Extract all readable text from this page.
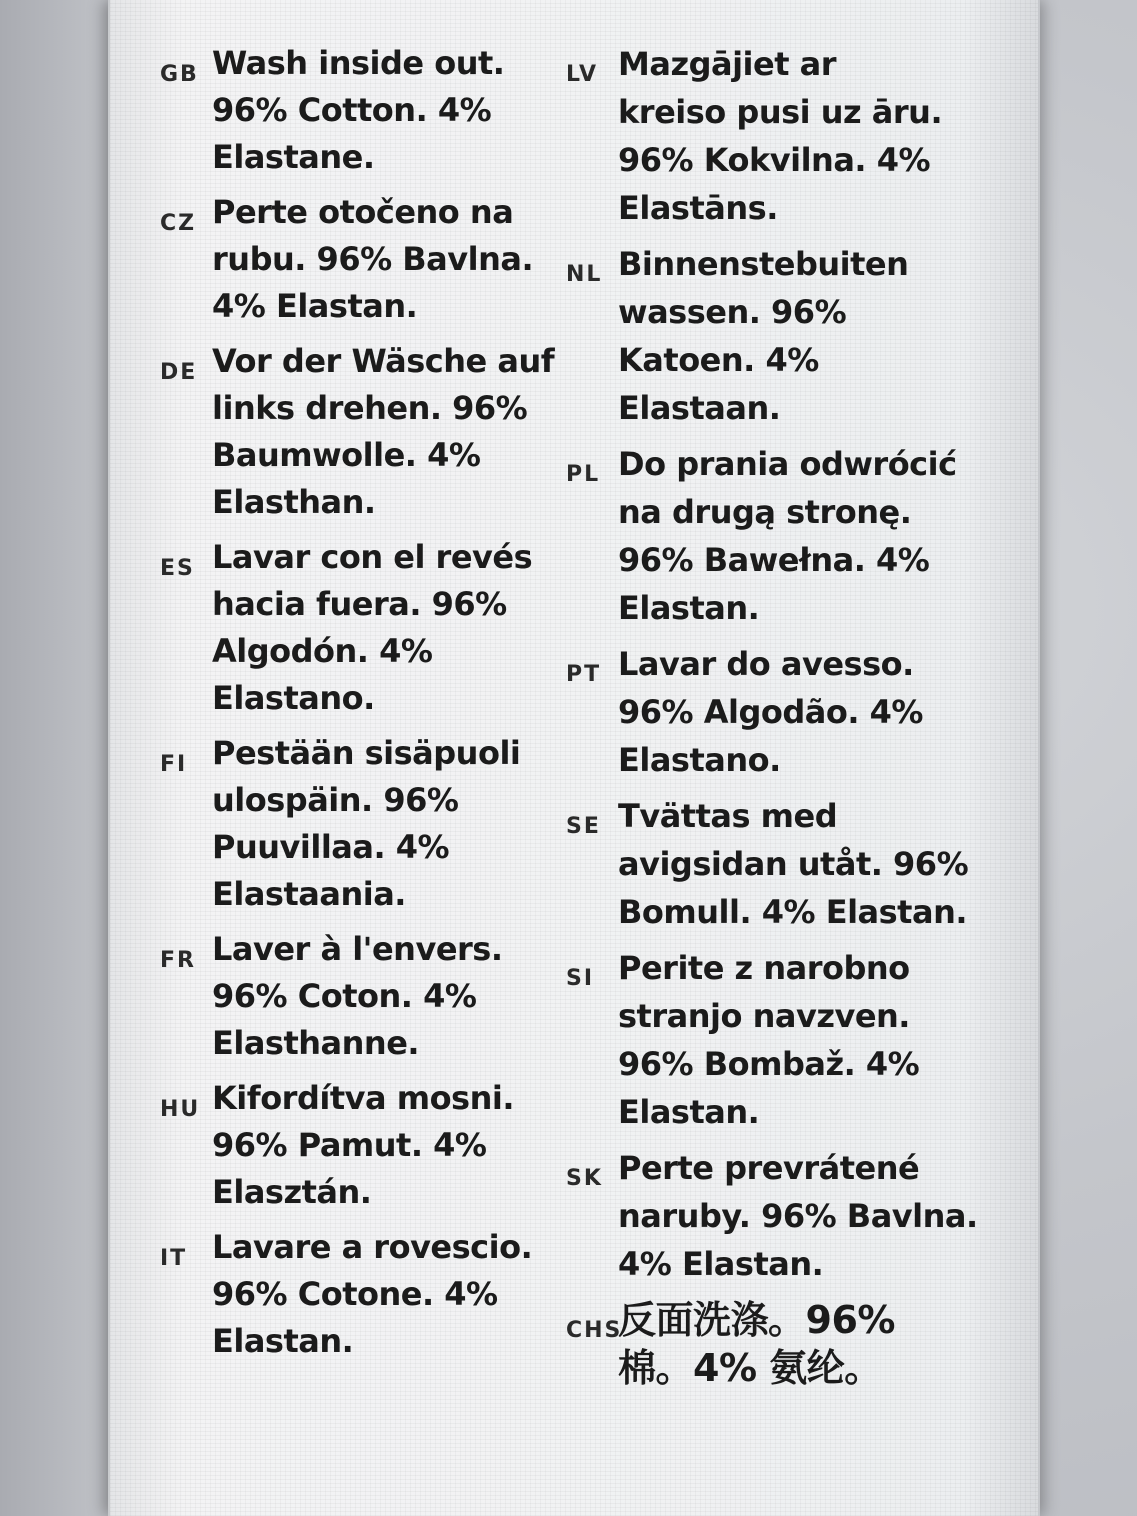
GB Wash inside out.
96% Cotton. 4%
Elastane.
CZ Perte otočeno na
rubu. 96% Bavlna.
4% Elastan.
DE Vor der Wäsche auf
links drehen. 96%
Baumwolle. 4%
Elasthan.
ES Lavar con el revés
hacia fuera. 96%
Algodón. 4%
Elastano.
FI Pestään sisäpuoli
ulospäin. 96%
Puuvillaa. 4%
Elastaania.
FR Laver à l'envers.
96% Coton. 4%
Elasthanne.
HU Kifordítva mosni.
96% Pamut. 4%
Elasztán.
IT Lavare a rovescio.
96% Cotone. 4%
Elastan.
LV Mazgājiet ar
kreiso pusi uz āru.
96% Kokvilna. 4%
Elastāns.
NL Binnenstebuiten
wassen. 96%
Katoen. 4%
Elastaan.
PL Do prania odwrócić
na drugą stronę.
96% Bawełna. 4%
Elastan.
PT Lavar do avesso.
96% Algodão. 4%
Elastano.
SE Tvättas med
avigsidan utåt. 96%
Bomull. 4% Elastan.
SI Perite z narobno
stranjo navzven.
96% Bombaž. 4%
Elastan.
SK Perte prevrátené
naruby. 96% Bavlna.
4% Elastan.
CHS
反面洗涤。96%
棉。4% 氨纶。
